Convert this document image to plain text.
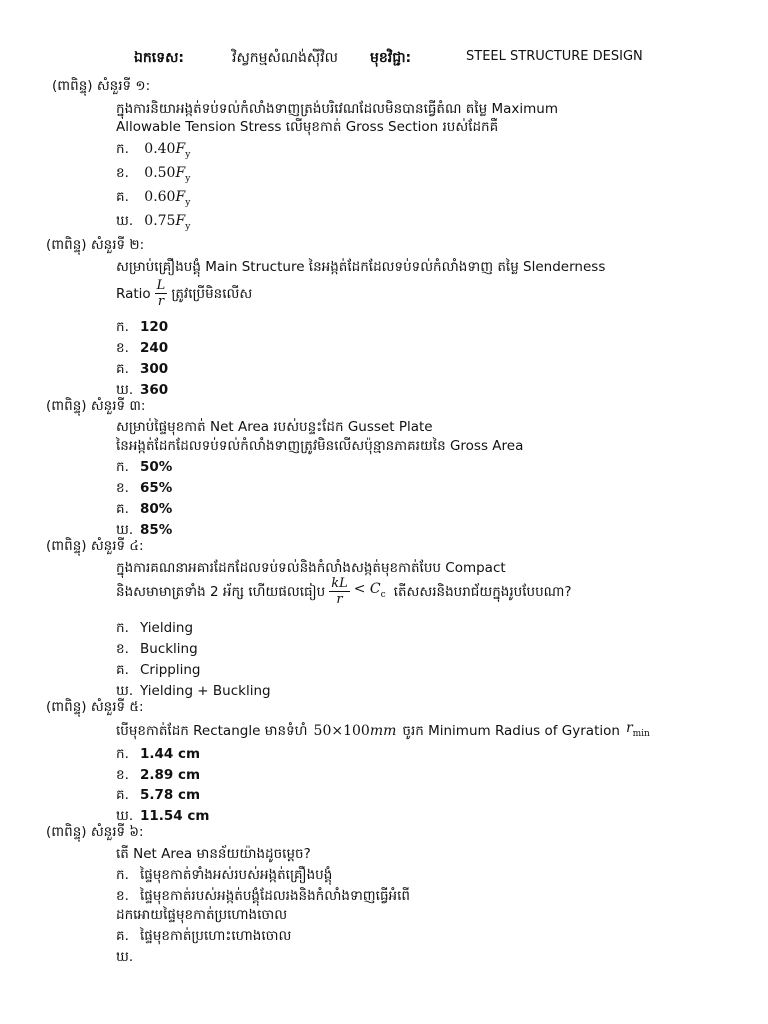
ឯកទេស:	វិស្វកម្មសំណង់ស៊ីវិល មុខវិជ្ជា:	STEEL STRUCTURE DESIGN
(ពាពិន្ទុ) សំនួរទី ១:
ក្នុងការនិយាអង្កត់ទប់ទល់កំលាំងទាញត្រង់បរិវេណដែលមិនបានធ្វើតំណ តម្លៃ Maximum
Allowable Tension Stress លើមុខកាត់ Gross Section របស់ដែកគឺ
ក. $0.40F_y$
ខ. $0.50F_y$
គ. $0.60F_y$
ឃ. $0.75F_y$
(ពាពិន្ទុ) សំនួរទី ២:
សម្រាប់គ្រឿងបង្គុំ Main Structure នៃអង្កត់ដែកដែលទប់ទល់កំលាំងទាញ តម្លៃ Slenderness
Ratio $\frac{L}{r}$ ត្រូវប្រើមិនលើស
ក. 120
ខ. 240
គ. 300
ឃ. 360
(ពាពិន្ទុ) សំនួរទី ៣:
សម្រាប់ផ្ទៃមុខកាត់ Net Area របស់បន្ទះដែក Gusset Plate
នៃអង្កត់ដែកដែលទប់ទល់កំលាំងទាញត្រូវមិនលើសប៉ុន្មានភាគរយនៃ Gross Area
ក. 50%
ខ. 65%
គ. 80%
ឃ. 85%
(ពាពិន្ទុ) សំនួរទី ៤:
ក្នុងការគណនាអគារដែកដែលទប់ទល់និងកំលាំងសង្កត់មុខកាត់បែប Compact
និងសមាមាត្រទាំង 2 អ័ក្ស ហើយផលធៀប $\frac{kL}{r} < C_c$ តើសសរនិងបរាជ័យក្នុងរូបបែបណា?
ក. Yielding
ខ. Buckling
គ. Crippling
ឃ. Yielding + Buckling
(ពាពិន្ទុ) សំនួរទី ៥:
បើមុខកាត់ដែក Rectangle មានទំហំ 50×100mm ចូរក Minimum Radius of Gyration $r_{min}$
ក. 1.44 cm
ខ. 2.89 cm
គ. 5.78 cm
ឃ. 11.54 cm
(ពាពិន្ទុ) សំនួរទី ៦:
តើ Net Area មានន័យយ៉ាងដូចម្តេច?
ក. ផ្ទៃមុខកាត់ទាំងអស់របស់អង្កត់គ្រឿងបង្គុំ
ខ. ផ្ទៃមុខកាត់របស់អង្កត់បង្គុំដែលរងនិងកំលាំងទាញធ្វើអំពើ
ដកអោយផ្ទៃមុខកាត់ប្រហោងចោល
គ. ផ្ទៃមុខកាត់ប្រហោះហោងចោល
ឃ.
